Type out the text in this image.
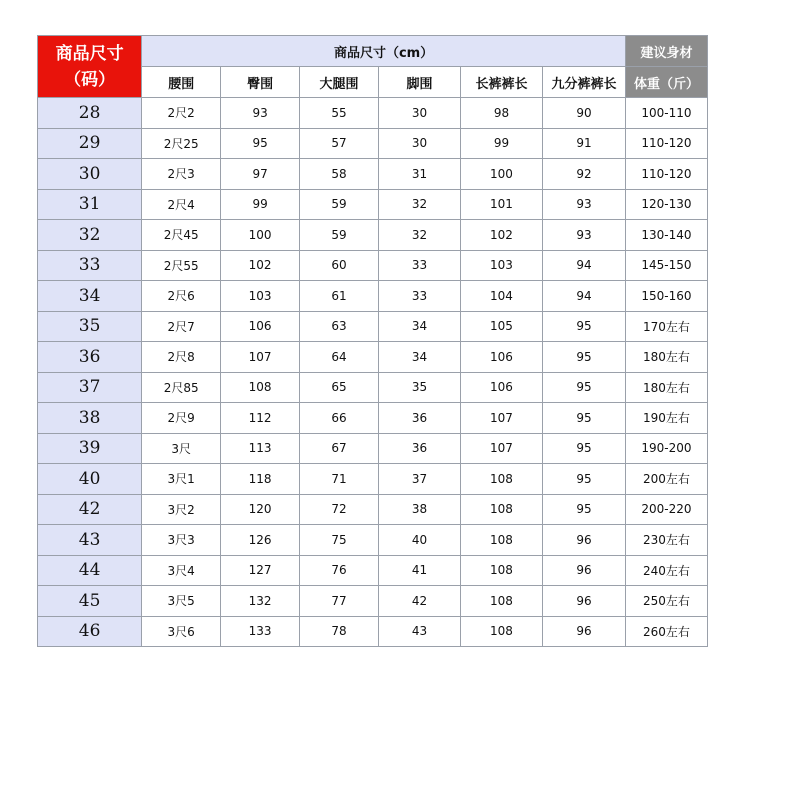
商品尺寸
（码）	商品尺寸（cm）						建议身材
	腰围	臀围	大腿围	脚围	长裤裤长	九分裤裤长	体重（斤）
28	2尺2	93	55	30	98	90	100-110
29	2尺25	95	57	30	99	91	110-120
30	2尺3	97	58	31	100	92	110-120
31	2尺4	99	59	32	101	93	120-130
32	2尺45	100	59	32	102	93	130-140
33	2尺55	102	60	33	103	94	145-150
34	2尺6	103	61	33	104	94	150-160
35	2尺7	106	63	34	105	95	170左右
36	2尺8	107	64	34	106	95	180左右
37	2尺85	108	65	35	106	95	180左右
38	2尺9	112	66	36	107	95	190左右
39	3尺	113	67	36	107	95	190-200
40	3尺1	118	71	37	108	95	200左右
42	3尺2	120	72	38	108	95	200-220
43	3尺3	126	75	40	108	96	230左右
44	3尺4	127	76	41	108	96	240左右
45	3尺5	132	77	42	108	96	250左右
46	3尺6	133	78	43	108	96	260左右
